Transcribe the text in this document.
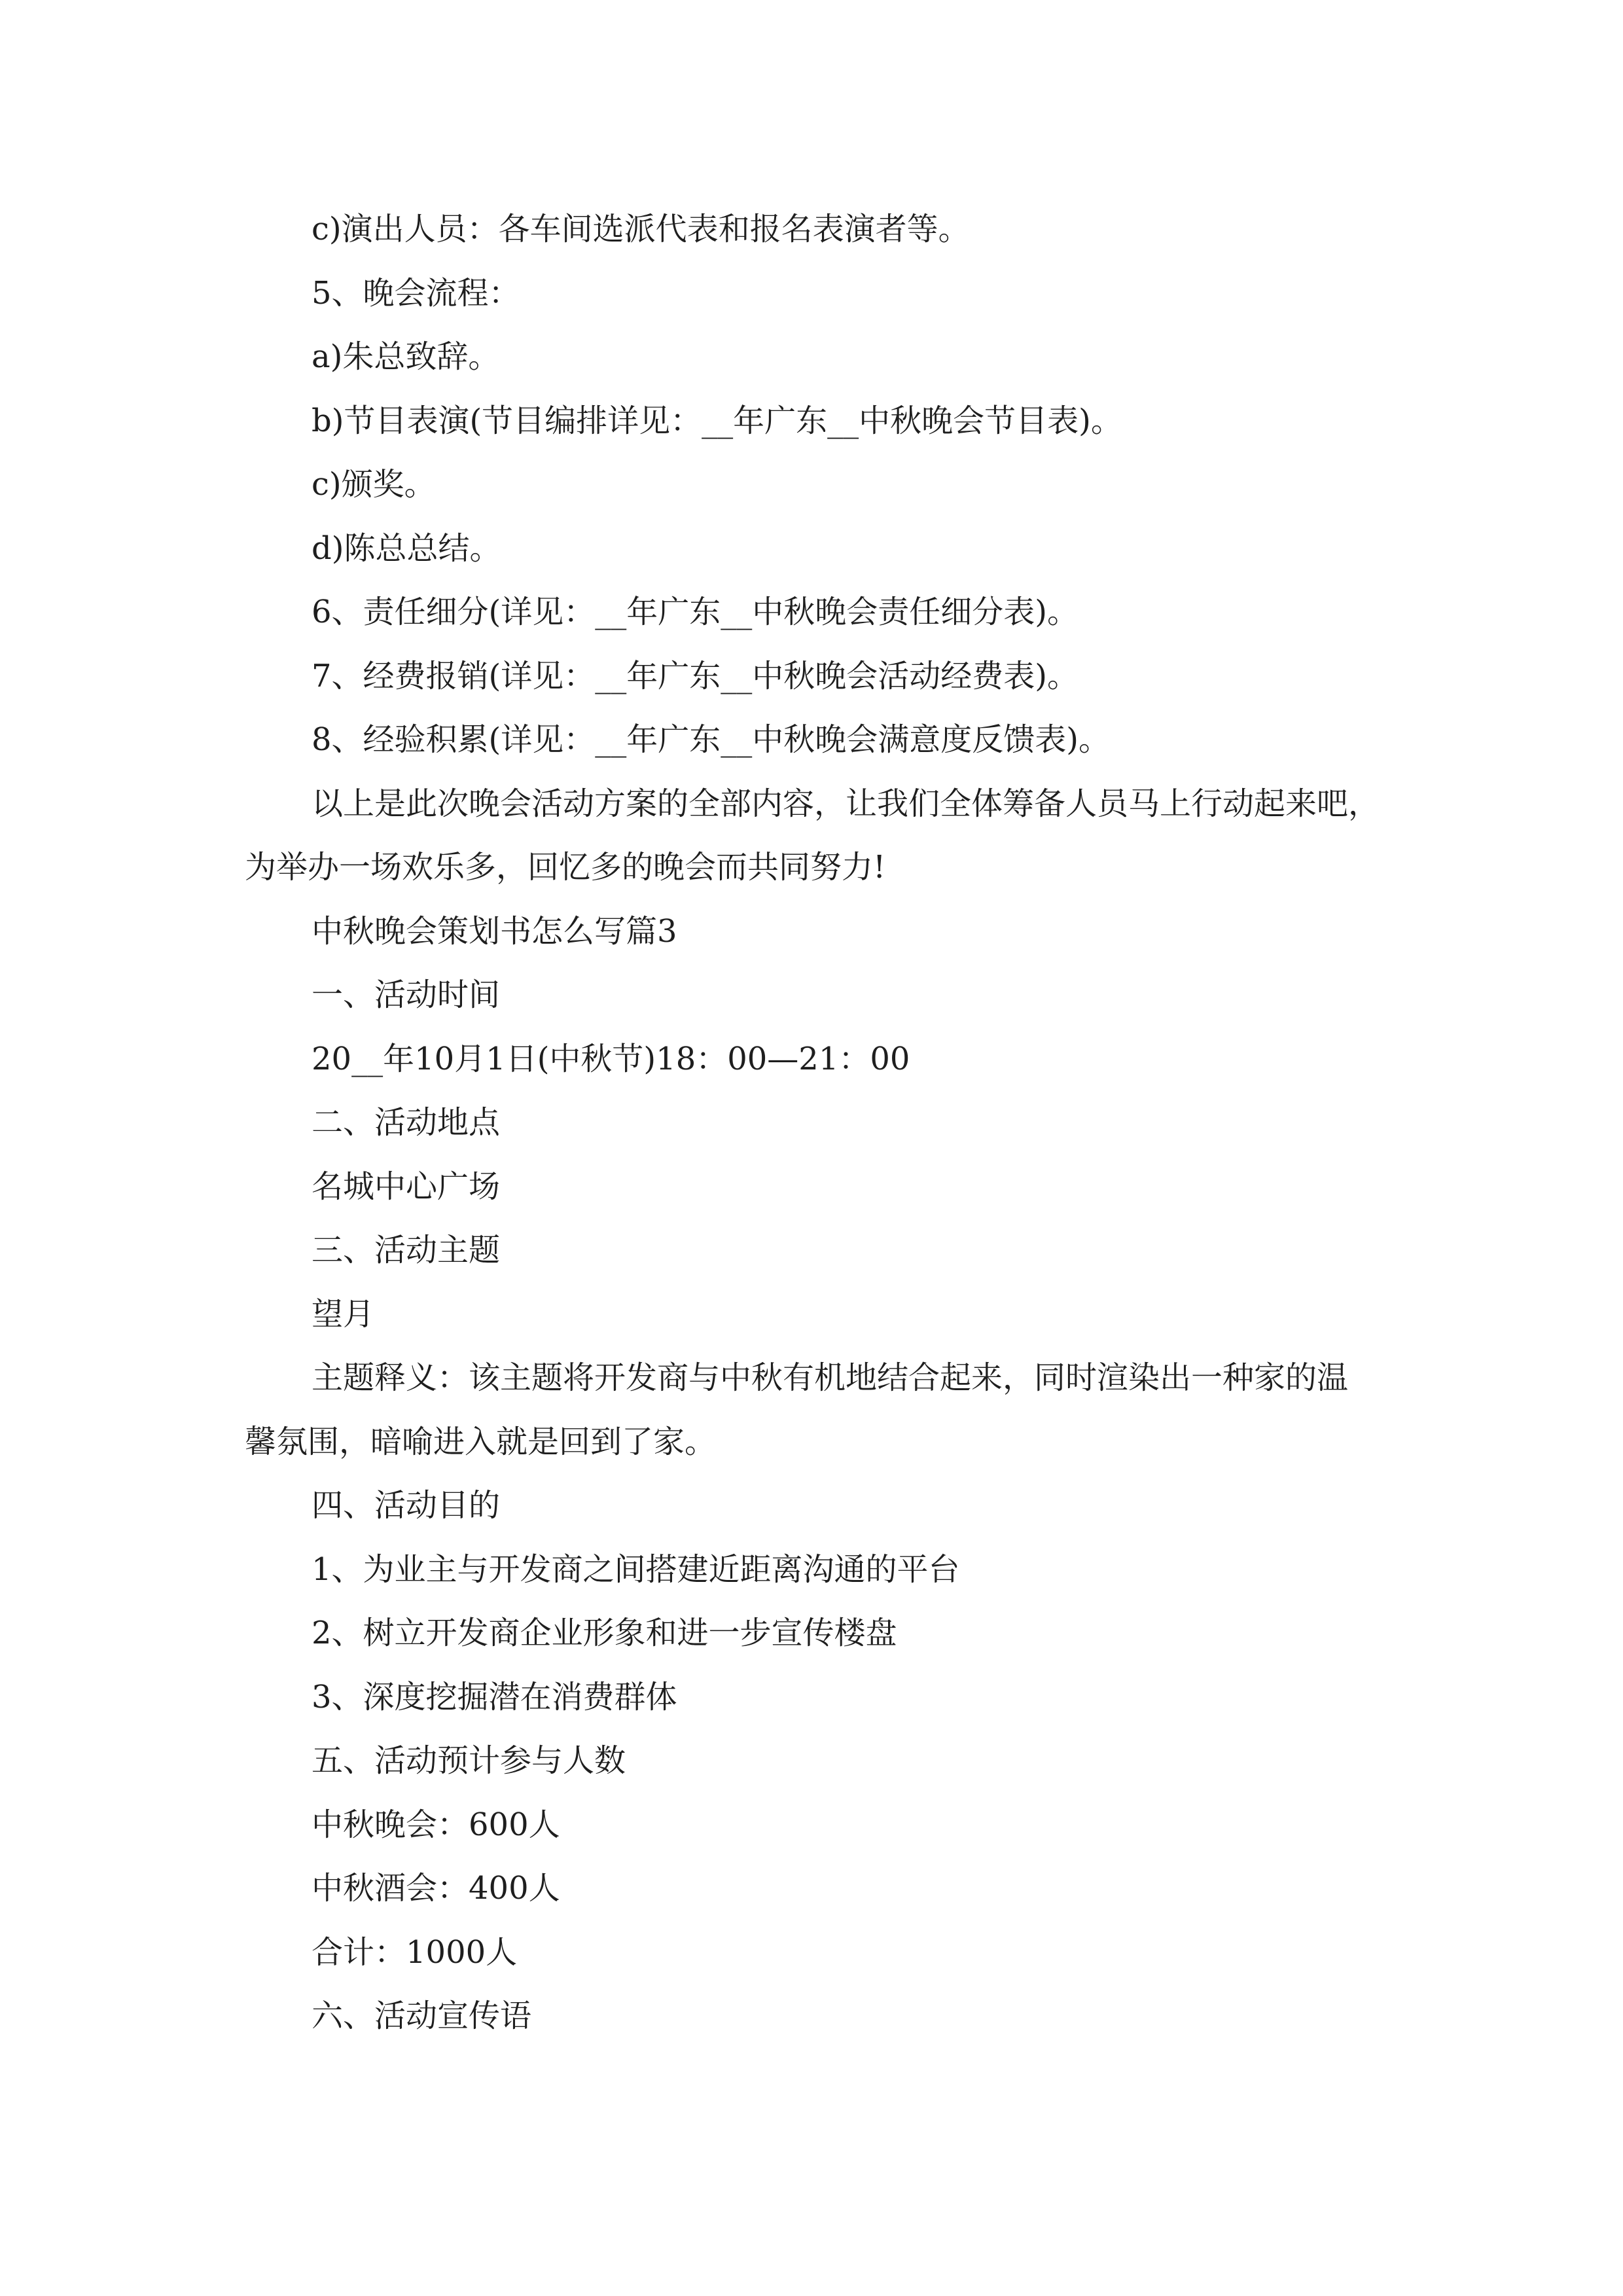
c)演出人员：各车间选派代表和报名表演者等。
5、晚会流程：
a)朱总致辞。
b)节目表演(节目编排详见：__年广东__中秋晚会节目表)。
c)颁奖。
d)陈总总结。
6、责任细分(详见：__年广东__中秋晚会责任细分表)。
7、经费报销(详见：__年广东__中秋晚会活动经费表)。
8、经验积累(详见：__年广东__中秋晚会满意度反馈表)。
以上是此次晚会活动方案的全部内容，让我们全体筹备人员马上行动起来吧，
为举办一场欢乐多，回忆多的晚会而共同努力!
中秋晚会策划书怎么写篇3
一、活动时间
20__年10月1日(中秋节)18：00—21：00
二、活动地点
名城中心广场
三、活动主题
望月
主题释义：该主题将开发商与中秋有机地结合起来，同时渲染出一种家的温
馨氛围，暗喻进入就是回到了家。
四、活动目的
1、为业主与开发商之间搭建近距离沟通的平台
2、树立开发商企业形象和进一步宣传楼盘
3、深度挖掘潜在消费群体
五、活动预计参与人数
中秋晚会：600人
中秋酒会：400人
合计：1000人
六、活动宣传语
